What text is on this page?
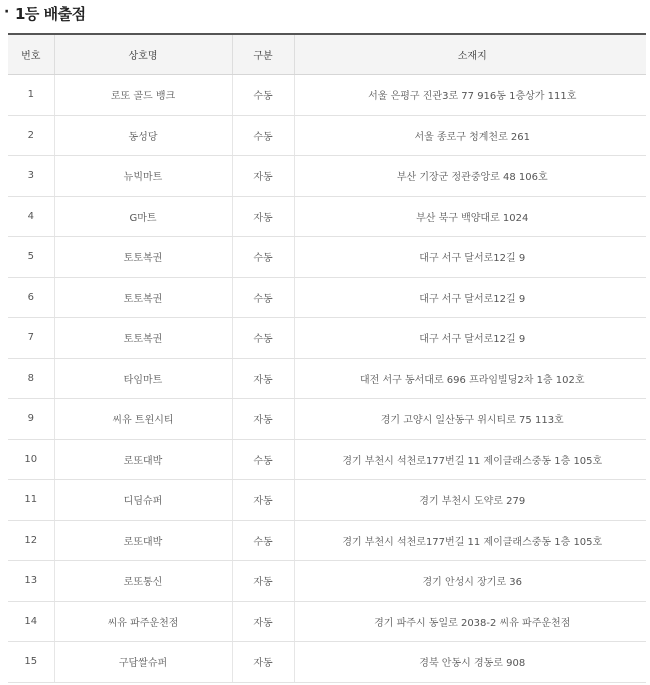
· 1등 배출점
번호	상호명	구분	소재지
1	로또 골드 뱅크	수동	서울 은평구 진관3로 77 916동 1층상가 111호
2	동성당	수동	서울 종로구 청계천로 261
3	뉴빅마트	자동	부산 기장군 정관중앙로 48 106호
4	G마트	자동	부산 북구 백양대로 1024
5	토토복권	수동	대구 서구 달서로12길 9
6	토토복권	수동	대구 서구 달서로12길 9
7	토토복권	수동	대구 서구 달서로12길 9
8	타임마트	자동	대전 서구 동서대로 696 프라임빌딩2차 1층 102호
9	씨유 트윈시티	자동	경기 고양시 일산동구 위시티로 75 113호
10	로또대박	수동	경기 부천시 석천로177번길 11 제이클래스중동 1층 105호
11	디딤슈퍼	자동	경기 부천시 도약로 279
12	로또대박	수동	경기 부천시 석천로177번길 11 제이클래스중동 1층 105호
13	로또통신	자동	경기 안성시 장기로 36
14	씨유 파주운천점	자동	경기 파주시 동일로 2038-2 씨유 파주운천점
15	구담쌀슈퍼	자동	경북 안동시 경동로 908
